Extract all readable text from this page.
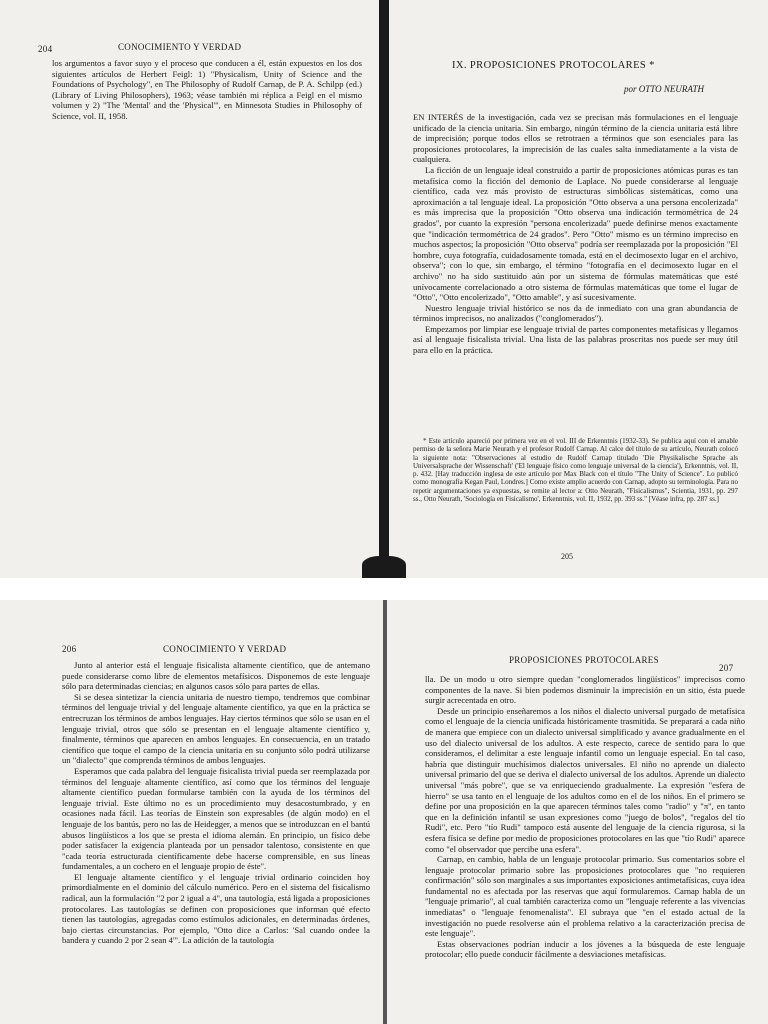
204	CONOCIMIENTO Y VERDAD

los argumentos a favor suyo y el proceso que conducen a él, están expuestos en los dos siguientes artículos de Herbert Feigl: 1) "Physicalism, Unity of Science and the Foundations of Psychology", en The Philosophy of Rudolf Carnap, de P. A. Schilpp (ed.) (Library of Living Philosophers), 1963; véase también mi réplica a Feigl en el mismo volumen y 2) "The 'Mental' and the 'Physical'", en Minnesota Studies in Philosophy of Science, vol. II, 1958.

IX. PROPOSICIONES PROTOCOLARES *
por OTTO NEURATH

EN INTERÉS de la investigación, cada vez se precisan más formulaciones en el lenguaje unificado de la ciencia unitaria. Sin embargo, ningún término de la ciencia unitaria está libre de imprecisión; porque todos ellos se retrotraen a términos que son esenciales para las proposiciones protocolares, la imprecisión de las cuales salta inmediatamente a la vista de cualquiera.

La ficción de un lenguaje ideal construido a partir de proposiciones atómicas puras es tan metafísica como la ficción del demonio de Laplace. No puede considerarse al lenguaje científico, cada vez más provisto de estructuras simbólicas sistemáticas, como una aproximación a tal lenguaje ideal. La proposición "Otto observa a una persona encolerizada" es más imprecisa que la proposición "Otto observa una indicación termométrica de 24 grados", por cuanto la expresión "persona encolerizada" puede definirse menos exactamente que "indicación termométrica de 24 grados". Pero "Otto" mismo es un término impreciso en muchos aspectos; la proposición "Otto observa" podría ser reemplazada por la proposición "El hombre, cuya fotografía, cuidadosamente tomada, está en el decimosexto lugar en el archivo, observa"; con lo que, sin embargo, el término "fotografía en el decimosexto lugar en el archivo" no ha sido sustituido aún por un sistema de fórmulas matemáticas que esté unívocamente correlacionado a otro sistema de fórmulas matemáticas que tome el lugar de "Otto", "Otto encolerizado", "Otto amable", y así sucesivamente.

Nuestro lenguaje trivial histórico se nos da de inmediato con una gran abundancia de términos imprecisos, no analizados ("conglomerados").

Empezamos por limpiar ese lenguaje trivial de partes componentes metafísicas y llegamos así al lenguaje fisicalista trivial. Una lista de las palabras proscritas nos puede ser muy útil para ello en la práctica.

* Este artículo apareció por primera vez en el vol. III de Erkenntnis (1932-33). Se publica aquí con el amable permiso de la señora Marie Neurath y el profesor Rudolf Carnap. Al calce del título de su artículo, Neurath colocó la siguiente nota: "Observaciones al estudio de Rudolf Carnap titulado 'Die Physikalische Sprache als Universalsprache der Wissenschaft' ('El lenguaje físico como lenguaje universal de la ciencia'), Erkenntnis, vol. II, p. 432. [Hay traducción inglesa de este artículo por Max Black con el título "The Unity of Science". Lo publicó como monografía Kegan Paul, Londres.] Como existe amplio acuerdo con Carnap, adopto su terminología. Para no repetir argumentaciones ya expuestas, se remite al lector a: Otto Neurath, "Fisicalismus", Scientia, 1931, pp. 297 ss., Otto Neurath, 'Sociología en Fisicalismo', Erkenntnis, vol. II, 1932, pp. 393 ss." [Véase infra, pp. 287 ss.]

205
206	CONOCIMIENTO Y VERDAD

Junto al anterior está el lenguaje fisicalista altamente científico, que de antemano puede considerarse como libre de elementos metafísicos. Disponemos de este lenguaje sólo para determinadas ciencias; en algunos casos sólo para partes de ellas.

Si se desea sintetizar la ciencia unitaria de nuestro tiempo, tendremos que combinar términos del lenguaje trivial y del lenguaje altamente científico, ya que en la práctica se entrecruzan los términos de ambos lenguajes. Hay ciertos términos que sólo se usan en el lenguaje trivial, otros que sólo se presentan en el lenguaje altamente científico y, finalmente, términos que aparecen en ambos lenguajes. En consecuencia, en un tratado científico que toque el campo de la ciencia unitaria en su conjunto sólo podrá utilizarse un "dialecto" que comprenda términos de ambos lenguajes.

Esperamos que cada palabra del lenguaje fisicalista trivial pueda ser reemplazada por términos del lenguaje altamente científico, así como que los términos del lenguaje altamente científico puedan formularse también con la ayuda de los términos del lenguaje trivial. Este último no es un procedimiento muy desacostumbrado, y en ocasiones nada fácil. Las teorías de Einstein son expresables (de algún modo) en el lenguaje de los bantús, pero no las de Heidegger, a menos que se introduzcan en el bantú abusos lingüísticos a los que se presta el idioma alemán. En principio, un físico debe poder satisfacer la exigencia planteada por un pensador talentoso, consistente en que "cada teoría estructurada científicamente debe hacerse comprensible, en sus líneas fundamentales, a un cochero en el lenguaje propio de éste".

El lenguaje altamente científico y el lenguaje trivial ordinario coinciden hoy primordialmente en el dominio del cálculo numérico. Pero en el sistema del fisicalismo radical, aun la formulación "2 por 2 igual a 4", una tautología, está ligada a proposiciones protocolares. Las tautologías se definen con proposiciones que informan qué efecto tienen las tautologías, agregadas como estímulos adicionales, en determinadas órdenes, bajo ciertas circunstancias. Por ejemplo, "Otto dice a Carlos: 'Sal cuando ondee la bandera y cuando 2 por 2 sean 4'". La adición de la tautología

PROPOSICIONES PROTOCOLARES
207

lla. De un modo u otro siempre quedan "conglomerados lingüísticos" imprecisos como componentes de la nave. Si bien podemos disminuir la imprecisión en un sitio, ésta puede surgir acrecentada en otro.

Desde un principio enseñaremos a los niños el dialecto universal purgado de metafísica como el lenguaje de la ciencia unificada históricamente trasmitida. Se preparará a cada niño de manera que empiece con un dialecto universal simplificado y avance gradualmente en el uso del dialecto universal de los adultos. A este respecto, carece de sentido para lo que consideramos, el delimitar a este lenguaje infantil como un lenguaje especial. En tal caso, habría que distinguir muchísimos dialectos universales. El niño no aprende un dialecto universal primario del que se deriva el dialecto universal de los adultos. Aprende un dialecto universal "más pobre", que se va enriqueciendo gradualmente. La expresión "esfera de hierro" se usa tanto en el lenguaje de los adultos como en el de los niños. En el primero se define por una proposición en la que aparecen términos tales como "radio" y "π", en tanto que en la definición infantil se usan expresiones como "juego de bolos", "regalos del tío Rudi", etc. Pero "tío Rudi" tampoco está ausente del lenguaje de la ciencia rigurosa, si la esfera física se define por medio de proposiciones protocolares en las que "tío Rudi" aparece como "el observador que percibe una esfera".

Carnap, en cambio, habla de un lenguaje protocolar primario. Sus comentarios sobre el lenguaje protocolar primario sobre las proposiciones protocolares que "no requieren confirmación" sólo son marginales a sus importantes exposiciones antimetafísicas, cuya idea fundamental no es afectada por las reservas que aquí formularemos. Carnap habla de un "lenguaje primario", al cual también caracteriza como un "lenguaje referente a las vivencias inmediatas" o "lenguaje fenomenalista". El subraya que "en el estado actual de la investigación no puede resolverse aún el problema relativo a la caracterización precisa de este lenguaje".

Estas observaciones podrían inducir a los jóvenes a la búsqueda de este lenguaje protocolar; ello puede conducir fácilmente a desviaciones metafísicas.
